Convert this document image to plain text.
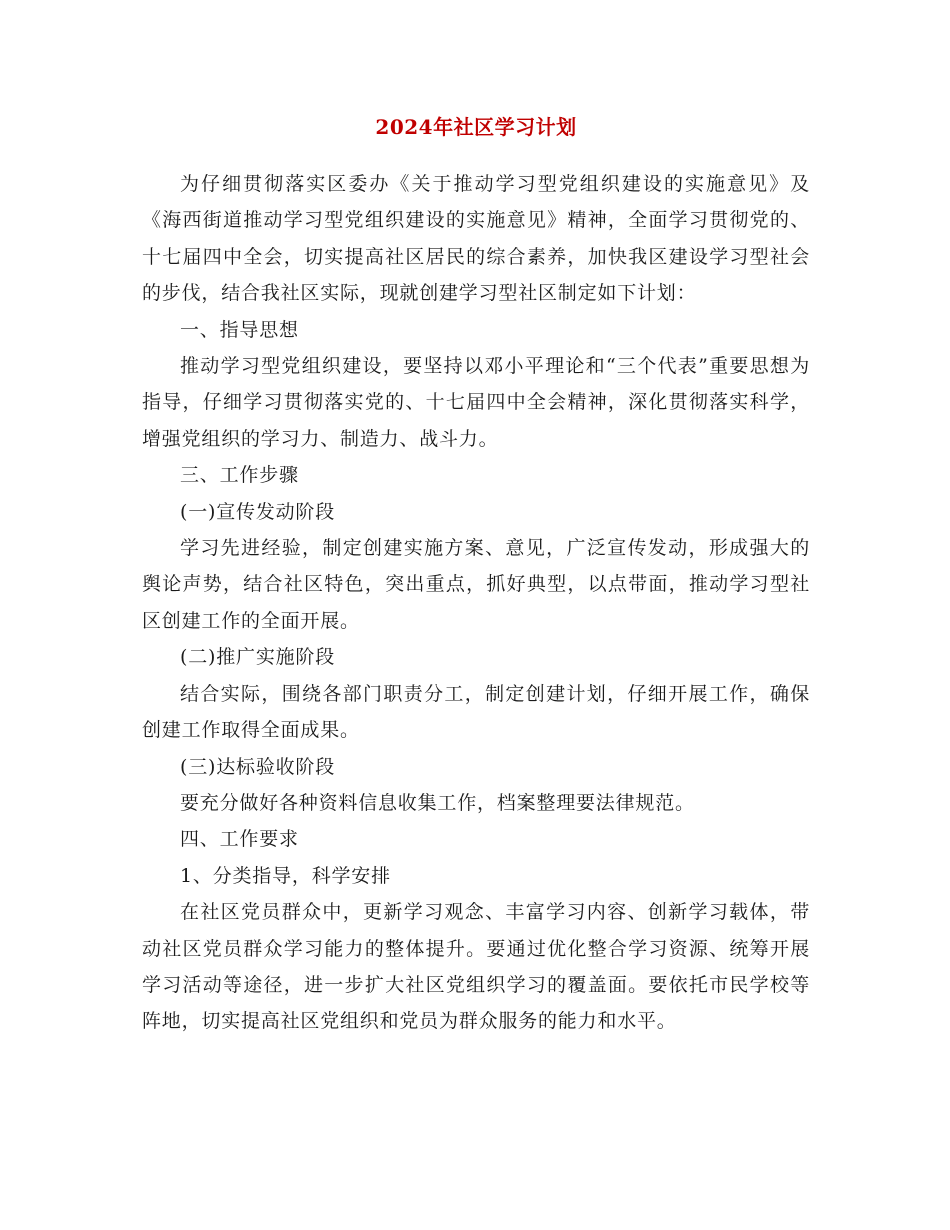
2024年社区学习计划

为仔细贯彻落实区委办《关于推动学习型党组织建设的实施意见》及《海西街道推动学习型党组织建设的实施意见》精神，全面学习贯彻党的、十七届四中全会，切实提高社区居民的综合素养，加快我区建设学习型社会的步伐，结合我社区实际，现就创建学习型社区制定如下计划：

一、指导思想

推动学习型党组织建设，要坚持以邓小平理论和“三个代表”重要思想为指导，仔细学习贯彻落实党的、十七届四中全会精神，深化贯彻落实科学，增强党组织的学习力、制造力、战斗力。

三、工作步骤

(一)宣传发动阶段

学习先进经验，制定创建实施方案、意见，广泛宣传发动，形成强大的舆论声势，结合社区特色，突出重点，抓好典型，以点带面，推动学习型社区创建工作的全面开展。

(二)推广实施阶段

结合实际，围绕各部门职责分工，制定创建计划，仔细开展工作，确保创建工作取得全面成果。

(三)达标验收阶段

要充分做好各种资料信息收集工作，档案整理要法律规范。

四、工作要求

1、分类指导，科学安排

在社区党员群众中，更新学习观念、丰富学习内容、创新学习载体，带动社区党员群众学习能力的整体提升。要通过优化整合学习资源、统筹开展学习活动等途径，进一步扩大社区党组织学习的覆盖面。要依托市民学校等阵地，切实提高社区党组织和党员为群众服务的能力和水平。
